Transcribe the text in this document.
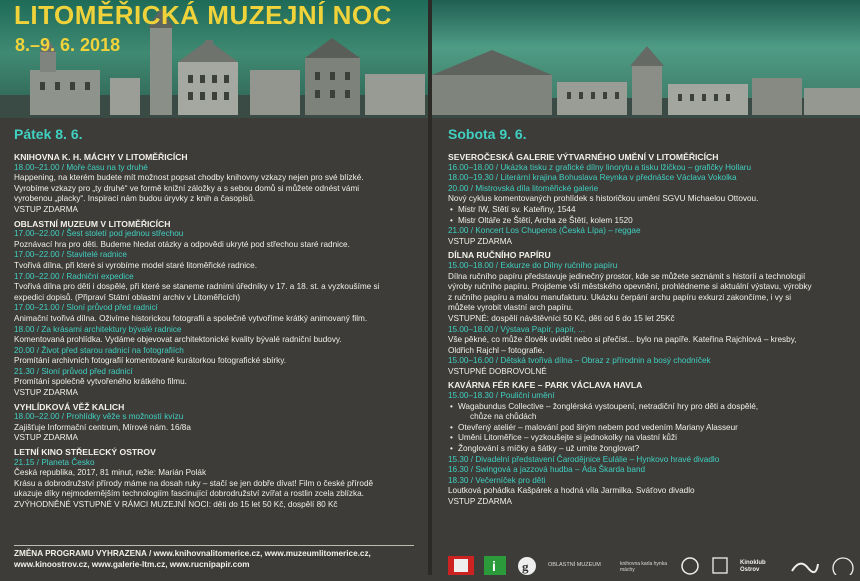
LITOMĚŘICKÁ MUZEJNÍ NOC
8.–9. 6. 2018
Pátek 8. 6.
KNIHOVNA K. H. MÁCHY V LITOMĚŘICÍCH
18.00–21.00 / Moře času na ty druhé
Happening, na kterém budete mít možnost popsat chodby knihovny vzkazy nejen pro své blízké.
Vyrobíme vzkazy pro „ty druhé“ ve formě knižní záložky a s sebou domů si můžete odnést vámi
vyrobenou „plackу“. Inspirací nám budou úryvky z knih a časopisů.
VSTUP ZDARMA
OBLASTNÍ MUZEUM V LITOMĚŘICÍCH
17.00–22.00 / Šest století pod jednou střechou
Poznávací hra pro děti. Budeme hledat otázky a odpovědi ukryté pod střechou staré radnice.
17.00–22.00 / Stavitelé radnice
Tvořivá dílna, při které si vyrobíme model staré litoměřické radnice.
17.00–22.00 / Radniční expedice
Tvořivá dílna pro děti i dospělé, při které se staneme radními úředníky v 17. a 18. st. a vyzkoušíme si
expedici dopisů. (Připraví Státní oblastní archiv v Litoměřicích)
17.00–21.00 / Sloní průvod před radnicí
Animační tvořivá dílna. Oživíme historickou fotografii a společně vytvoříme krátký animovaný film.
18.00 / Za krásami architektury bývalé radnice
Komentovaná prohlídka. Vydáme objevovat architektonické kvality bývalé radniční budovy.
20.00 / Život před starou radnicí na fotografiích
Promítání archivních fotografií komentované kurátorkou fotografické sbírky.
21.30 / Sloní průvod před radnicí
Promítání společně vytvořeného krátkého filmu.
VSTUP ZDARMA
VYHLÍDKOVÁ VĚŽ KALICH
18.00–22.00 / Prohlídky věže s možností kvízu
Zajišťuje Informační centrum, Mírové nám. 16/8a
VSTUP ZDARMA
LETNÍ KINO STŘELECKÝ OSTROV
21.15 / Planeta Česko
Česká republika, 2017, 81 minut, režie: Marián Polák
Krásu a dobrodružství přírody máme na dosah ruky – stačí se jen dobře dívat! Film o české přírodě
ukazuje díky nejmodernějším technologiím fascinující dobrodružství zvířat a rostlin zcela zblízka.
ZVÝHODNĚNÉ VSTUPNÉ V RÁMCI MUZEJNÍ NOCI: děti do 15 let 50 Kč, dospělí 80 Kč
Sobota 9. 6.
SEVEROČESKÁ GALERIE VÝTVARNÉHO UMĚNÍ V LITOMĚŘICÍCH
16.00–18.00 / Ukázka tisku z grafické dílny linorytu a tisku lžičkou – grafičky Hollaru
18.00–19.30 / Literární krajina Bohuslava Reynka v přednášce Václava Vokolka
20.00 / Mistrovská díla litoměřické galerie
Nový cyklus komentovaných prohlídek s historičkou umění SGVU Michaelou Ottovou.
• Mistr IW, Stětí sv. Kateřiny, 1544
• Mistr Oltáře ze Štětí, Archa ze Štětí, kolem 1520
21.00 / Koncert Los Chuperos (Česká Lípa) – reggae
VSTUP ZDARMA
DÍLNA RUČNÍHO PAPÍRU
15.00–18.00 / Exkurze do Dílny ručního papíru
Dílna ručního papíru představuje jedinečný prostor, kde se můžete seznámit s historií a technologií
výroby ručního papíru. Projdeme vší městského opevnění, prohlédneme si aktuální výstavu, výrobky
z ručního papíru a malou manufakturu. Ukázku čerpání archu papíru exkurzi zakončíme, i vy si
můžete vyrobit vlastní arch papíru.
VSTUPNÉ: dospělí návštěvníci 50 Kč, děti od 6 do 15 let 25Kč
15.00–18.00 / Výstava Papír, papír, ...
Vše pěkné, co může člověk uvidět nebo si přečíst... bylo na papíře. Kateřina Rajchlová – kresby,
Oldřich Rajchl – fotografie.
15.00–16.00 / Dětská tvořivá dílna – Obraz z přírodnin a bosý chodníček
VSTUPNÉ DOBROVOLNÉ
KAVÁRNA FÉR KAFE – PARK VÁCLAVA HAVLA
15.00–18.30 / Pouliční umění
• Wagabundus Collective – žonglérská vystoupení, netradiční hry pro děti a dospělé,
chůze na chůdách
• Otevřený ateliér – malování pod širým nebem pod vedením Mariany Alasseur
• Uměni Litoměřice – vyzkoušejte si jednokolky na vlastní kůži
• Žonglování s míčky a šátky – už umíte žonglovat?
15.30 / Divadelní představení Čarodějnice Eulálie – Hynkovo hravé divadlo
16.30 / Swingová a jazzová hudba – Áda Škarda band
18.30 / Večerníček pro děti
Loutková pohádka Kašpárek a hodná víla Jarmilka. Sváťovo divadlo
VSTUP ZDARMA
ZMĚNA PROGRAMU VYHRAZENA / www.knihovnalitomerice.cz, www.muzeumlitomerice.cz,
www.kinoostrov.cz, www.galerie-ltm.cz, www.rucnipapir.com	i g	OBLASTNÍ MUZEUM	knihovna karla hynka máchy
Kinoklub Ostrov
